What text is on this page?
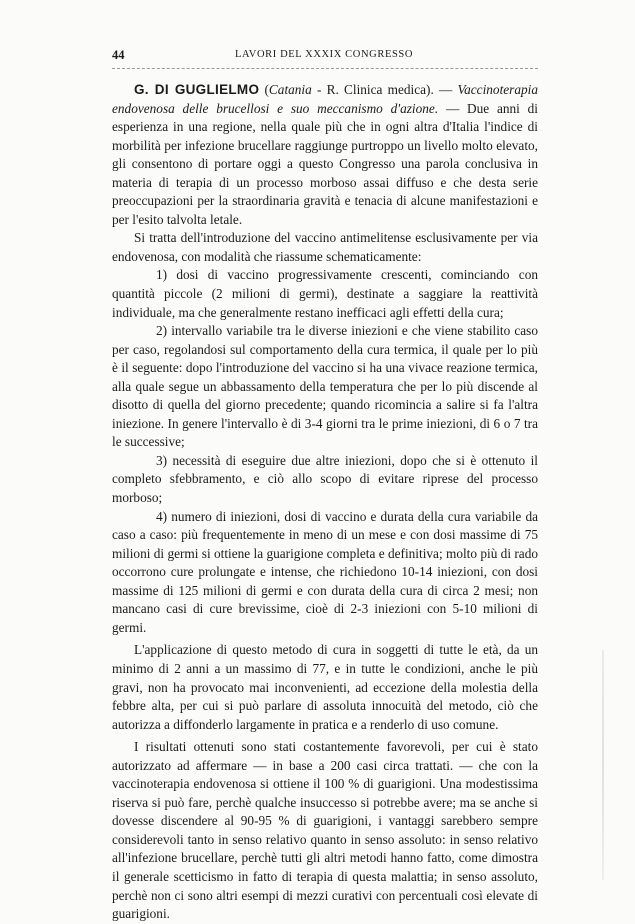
44	LAVORI DEL XXXIX CONGRESSO

G. DI GUGLIELMO (Catania - R. Clinica medica). — Vaccinoterapia endovenosa delle brucellosi e suo meccanismo d'azione. — Due anni di esperienza in una regione, nella quale più che in ogni altra d'Italia l'indice di morbilità per infezione brucellare raggiunge purtroppo un livello molto elevato, gli consentono di portare oggi a questo Congresso una parola conclusiva in materia di terapia di un processo morboso assai diffuso e che desta serie preoccupazioni per la straordinaria gravità e tenacia di alcune manifestazioni e per l'esito talvolta letale.

Si tratta dell'introduzione del vaccino antimelitense esclusivamente per via endovenosa, con modalità che riassume schematicamente:

1) dosi di vaccino progressivamente crescenti, cominciando con quantità piccole (2 milioni di germi), destinate a saggiare la reattività individuale, ma che generalmente restano inefficaci agli effetti della cura;

2) intervallo variabile tra le diverse iniezioni e che viene stabilito caso per caso, regolandosi sul comportamento della cura termica, il quale per lo più è il seguente: dopo l'introduzione del vaccino si ha una vivace reazione termica, alla quale segue un abbassamento della temperatura che per lo più discende al disotto di quella del giorno precedente; quando ricomincia a salire si fa l'altra iniezione. In genere l'intervallo è di 3-4 giorni tra le prime iniezioni, di 6 o 7 tra le successive;

3) necessità di eseguire due altre iniezioni, dopo che si è ottenuto il completo sfebbramento, e ciò allo scopo di evitare riprese del processo morboso;

4) numero di iniezioni, dosi di vaccino e durata della cura variabile da caso a caso: più frequentemente in meno di un mese e con dosi massime di 75 milioni di germi si ottiene la guarigione completa e definitiva; molto più di rado occorrono cure prolungate e intense, che richiedono 10-14 iniezioni, con dosi massime di 125 milioni di germi e con durata della cura di circa 2 mesi; non mancano casi di cure brevissime, cioè di 2-3 iniezioni con 5-10 milioni di germi.

L'applicazione di questo metodo di cura in soggetti di tutte le età, da un minimo di 2 anni a un massimo di 77, e in tutte le condizioni, anche le più gravi, non ha provocato mai inconvenienti, ad eccezione della molestia della febbre alta, per cui si può parlare di assoluta innocuità del metodo, ciò che autorizza a diffonderlo largamente in pratica e a renderlo di uso comune.

I risultati ottenuti sono stati costantemente favorevoli, per cui è stato autorizzato ad affermare — in base a 200 casi circa trattati. — che con la vaccinoterapia endovenosa si ottiene il 100 % di guarigioni. Una modestissima riserva si può fare, perchè qualche insuccesso si potrebbe avere; ma se anche si dovesse discendere al 90-95 % di guarigioni, i vantaggi sarebbero sempre considerevoli tanto in senso relativo quanto in senso assoluto: in senso relativo all'infezione brucellare, perchè tutti gli altri metodi hanno fatto, come dimostra il generale scetticismo in fatto di terapia di questa malattia; in senso assoluto, perchè non ci sono altri esempi di mezzi curativi con percentuali così elevate di guarigioni.
